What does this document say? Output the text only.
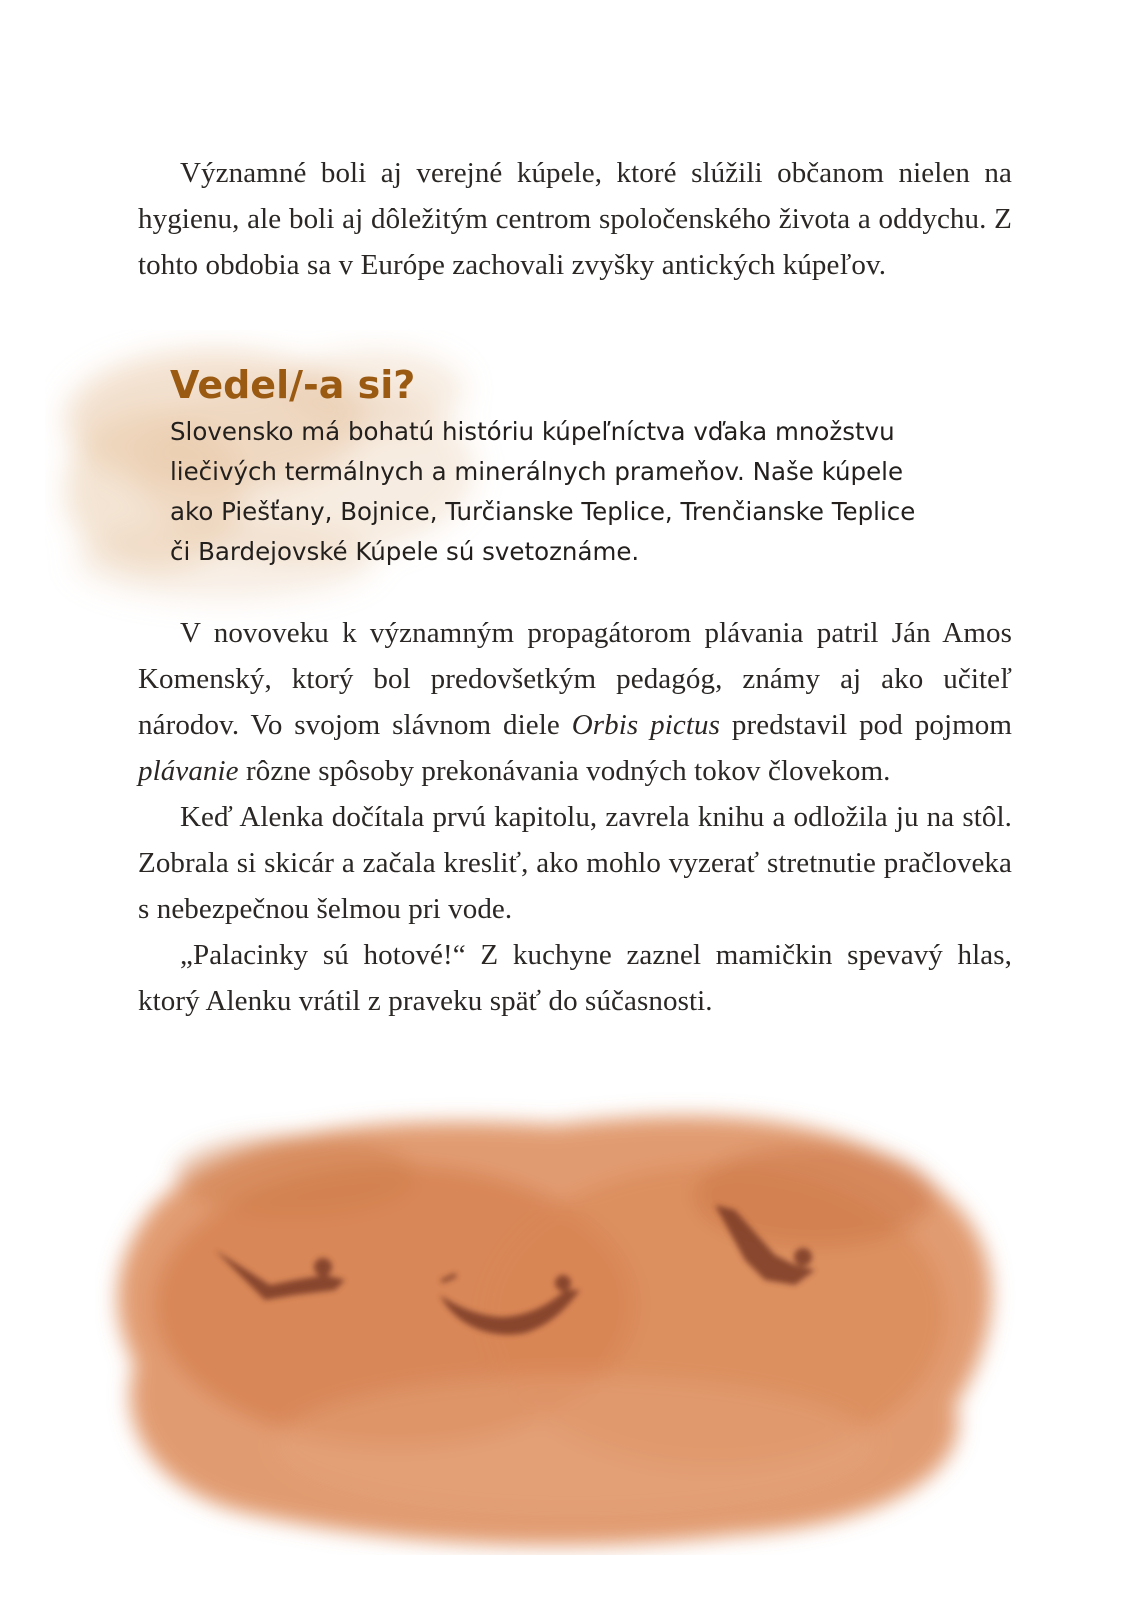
Významné boli aj verejné kúpele, ktoré slúžili občanom nielen na hygienu, ale boli aj dôležitým centrom spoločenského života a oddychu. Z tohto obdobia sa v Európe zachovali zvyšky antických kúpeľov.

Vedel/-a si?

Slovensko má bohatú históriu kúpeľníctva vďaka množstvu
liečivých termálnych a minerálnych prameňov. Naše kúpele
ako Piešťany, Bojnice, Turčianske Teplice, Trenčianske Teplice
či Bardejovské Kúpele sú svetoznáme.

V novoveku k významným propagátorom plávania patril Ján Amos Komenský, ktorý bol predovšetkým pedagóg, známy aj ako učiteľ národov. Vo svojom slávnom diele Orbis pictus predstavil pod pojmom plávanie rôzne spôsoby prekonávania vodných tokov človekom.

Keď Alenka dočítala prvú kapitolu, zavrela knihu a odložila ju na stôl. Zobrala si skicár a začala kresliť, ako mohlo vyzerať stretnutie pračloveka s nebezpečnou šelmou pri vode.

„Palacinky sú hotové!“ Z kuchyne zaznel mamičkin spevavý hlas, ktorý Alenku vrátil z praveku späť do súčasnosti.
